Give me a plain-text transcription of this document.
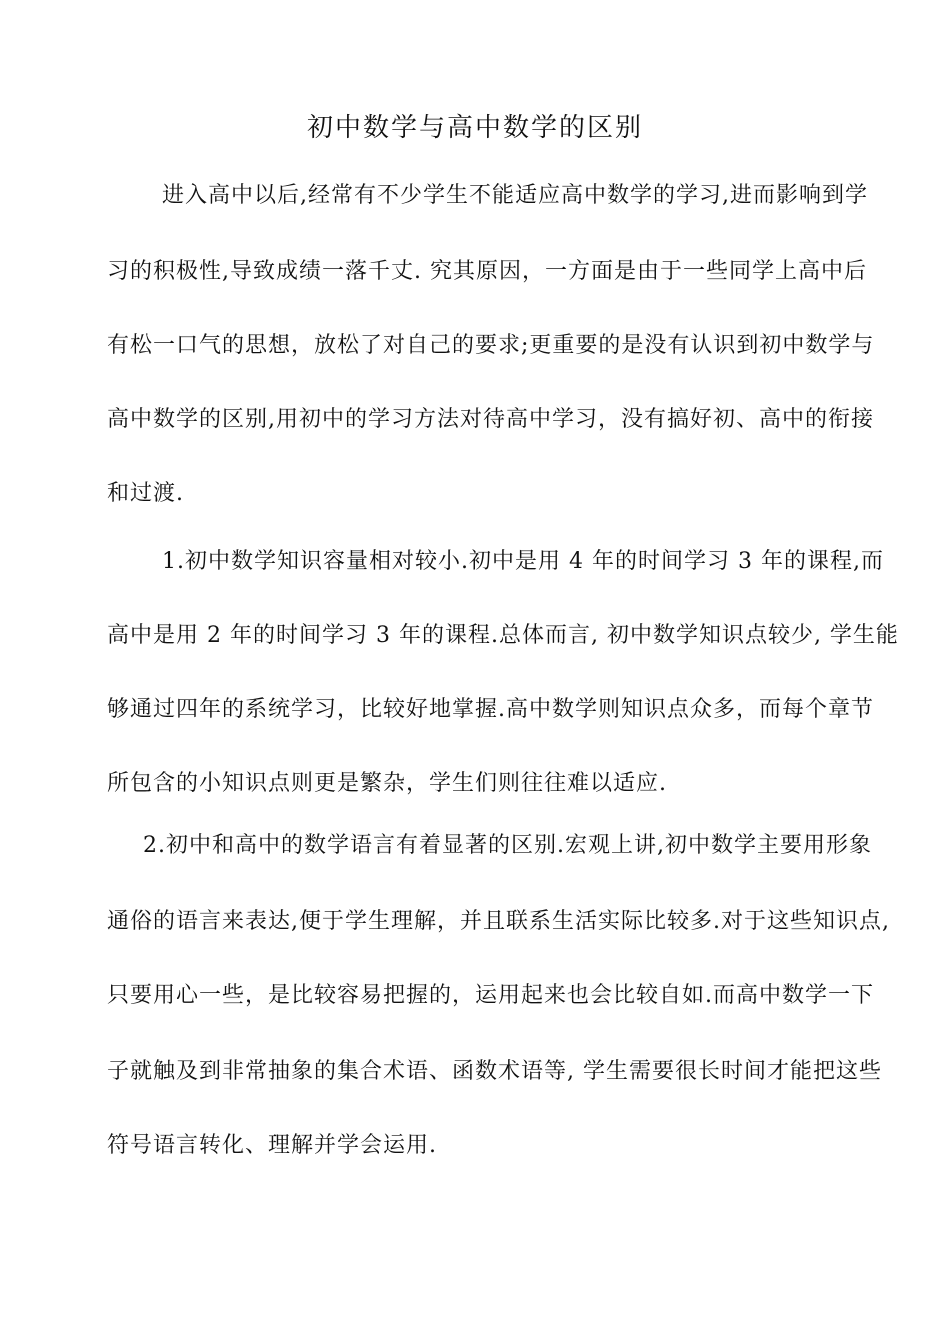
初中数学与高中数学的区别
进入高中以后,经常有不少学生不能适应高中数学的学习,进而影响到学
习的积极性,导致成绩一落千丈. 究其原因，一方面是由于一些同学上高中后
有松一口气的思想，放松了对自己的要求;更重要的是没有认识到初中数学与
高中数学的区别,用初中的学习方法对待高中学习，没有搞好初、高中的衔接
和过渡.
1.初中数学知识容量相对较小.初中是用 4 年的时间学习 3 年的课程,而
高中是用 2 年的时间学习 3 年的课程.总体而言, 初中数学知识点较少, 学生能
够通过四年的系统学习，比较好地掌握.高中数学则知识点众多，而每个章节
所包含的小知识点则更是繁杂，学生们则往往难以适应.
2.初中和高中的数学语言有着显著的区别.宏观上讲,初中数学主要用形象
通俗的语言来表达,便于学生理解，并且联系生活实际比较多.对于这些知识点,
只要用心一些，是比较容易把握的，运用起来也会比较自如.而高中数学一下
子就触及到非常抽象的集合术语、函数术语等, 学生需要很长时间才能把这些
符号语言转化、理解并学会运用.
